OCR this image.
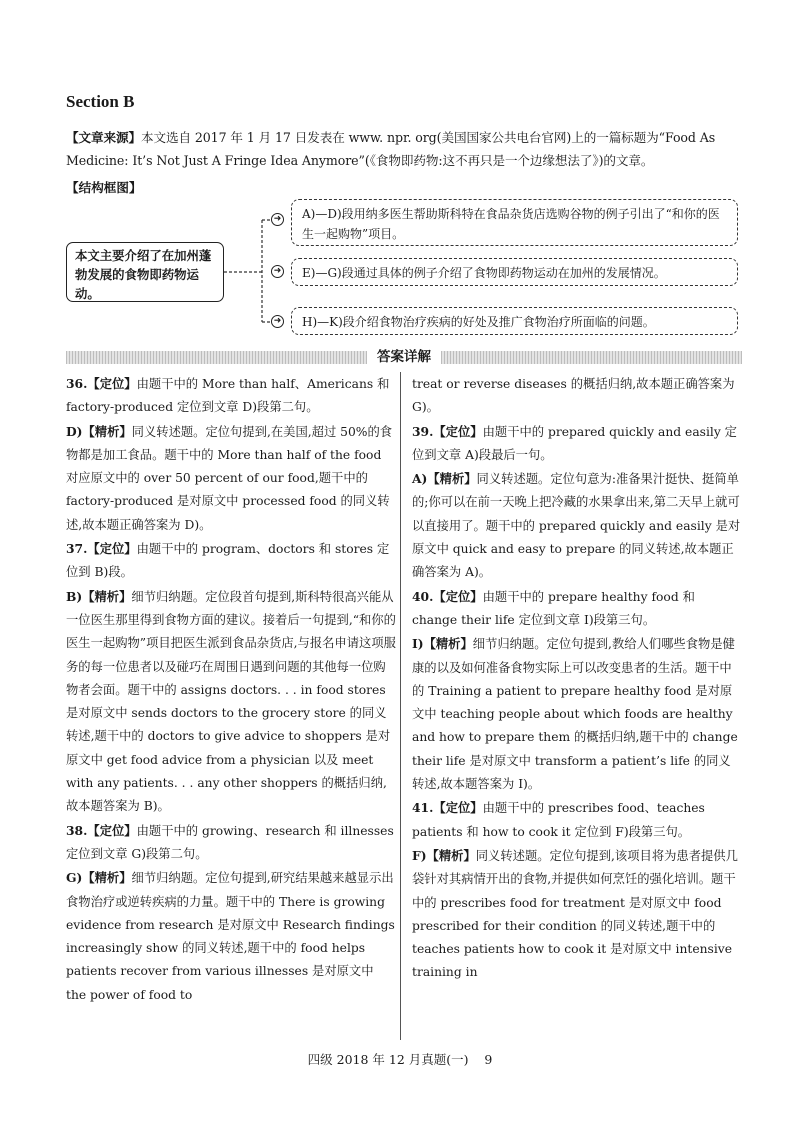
Section B
【文章来源】本文选自 2017 年 1 月 17 日发表在 www. npr. org(美国国家公共电台官网)上的一篇标题为“Food As Medicine: It’s Not Just A Fringe Idea Anymore”(《食物即药物:这不再只是一个边缘想法了》)的文章。
【结构框图】
本文主要介绍了在加州蓬勃发展的食物即药物运动。
➜
➜
➜
A)—D)段用纳多医生帮助斯科特在食品杂货店选购谷物的例子引出了“和你的医生一起购物”项目。
E)—G)段通过具体的例子介绍了食物即药物运动在加州的发展情况。
H)—K)段介绍食物治疗疾病的好处及推广食物治疗所面临的问题。
答案详解

36.【定位】由题干中的 More than half、Americans 和 factory-produced 定位到文章 D)段第二句。

D)【精析】同义转述题。定位句提到,在美国,超过 50%的食物都是加工食品。题干中的 More than half of the food 对应原文中的 over 50 percent of our food,题干中的 factory-produced 是对原文中 processed food 的同义转述,故本题正确答案为 D)。

37.【定位】由题干中的 program、doctors 和 stores 定位到 B)段。

B)【精析】细节归纳题。定位段首句提到,斯科特很高兴能从一位医生那里得到食物方面的建议。接着后一句提到,“和你的医生一起购物”项目把医生派到食品杂货店,与报名申请这项服务的每一位患者以及碰巧在周围日遇到问题的其他每一位购物者会面。题干中的 assigns doctors. . . in food stores 是对原文中 sends doctors to the grocery store 的同义转述,题干中的 doctors to give advice to shoppers 是对原文中 get food advice from a physician 以及 meet with any patients. . . any other shoppers 的概括归纳,故本题答案为 B)。

38.【定位】由题干中的 growing、research 和 illnesses 定位到文章 G)段第二句。

G)【精析】细节归纳题。定位句提到,研究结果越来越显示出食物治疗或逆转疾病的力量。题干中的 There is growing evidence from research 是对原文中 Research findings increasingly show 的同义转述,题干中的 food helps patients recover from various illnesses 是对原文中 the power of food to

treat or reverse diseases 的概括归纳,故本题正确答案为 G)。

39.【定位】由题干中的 prepared quickly and easily 定位到文章 A)段最后一句。

A)【精析】同义转述题。定位句意为:准备果汁挺快、挺简单的;你可以在前一天晚上把冷藏的水果拿出来,第二天早上就可以直接用了。题干中的 prepared quickly and easily 是对原文中 quick and easy to prepare 的同义转述,故本题正确答案为 A)。

40.【定位】由题干中的 prepare healthy food 和 change their life 定位到文章 I)段第三句。

I)【精析】细节归纳题。定位句提到,教给人们哪些食物是健康的以及如何准备食物实际上可以改变患者的生活。题干中的 Training a patient to prepare healthy food 是对原文中 teaching people about which foods are healthy and how to prepare them 的概括归纳,题干中的 change their life 是对原文中 transform a patient’s life 的同义转述,故本题答案为 I)。

41.【定位】由题干中的 prescribes food、teaches patients 和 how to cook it 定位到 F)段第三句。

F)【精析】同义转述题。定位句提到,该项目将为患者提供几袋针对其病情开出的食物,并提供如何烹饪的强化培训。题干中的 prescribes food for treatment 是对原文中 food prescribed for their condition 的同义转述,题干中的 teaches patients how to cook it 是对原文中 intensive training in

四级 2018 年 12 月真题(一)    9
